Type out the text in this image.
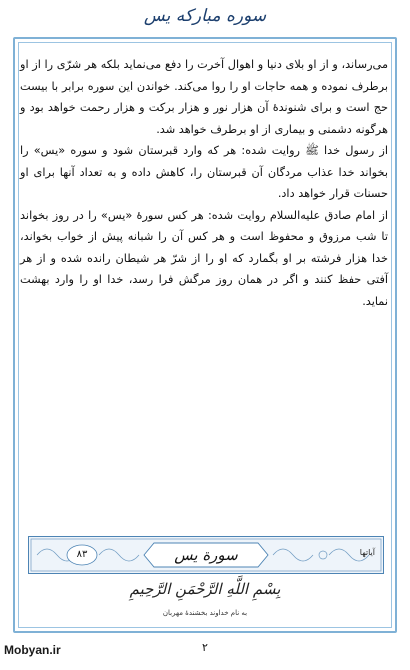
سوره مبارکه یس

می‌رساند، و از او بلای دنیا و اهوال آخرت را دفع می‌نماید بلکه هر شرّی را از او برطرف نموده و همه حاجات او را روا می‌کند. خواندن این سوره برابر با بیست حج است و برای شنوندهٔ آن هزار نور و هزار برکت و هزار رحمت خواهد بود و هرگونه دشمنی و بیماری از او برطرف خواهد شد.

از رسول خدا ﷺ روایت شده: هر که وارد قبرستان شود و سوره «یس» را بخواند خدا عذاب مردگان آن قبرستان را، کاهش داده و به تعداد آنها برای او حسنات قرار خواهد داد.

از امام صادق علیه‌السلام روایت شده: هر کس سورهٔ «یس» را در روز بخواند تا شب مرزوق و محفوظ است و هر کس آن را شبانه پیش از خواب بخواند، خدا هزار فرشته بر او بگمارد که او را از شرّ هر شیطان رانده شده و از هر آفتی حفظ کنند و اگر در همان روز مرگش فرا رسد، خدا او را وارد بهشت نماید.

آیاتها
۸۳	سورة يس
بِسْمِ اللَّهِ الرَّحْمَنِ الرَّحِيمِ
به نام خداوند بخشندهٔ مهربان
۲
Mobyan.ir
